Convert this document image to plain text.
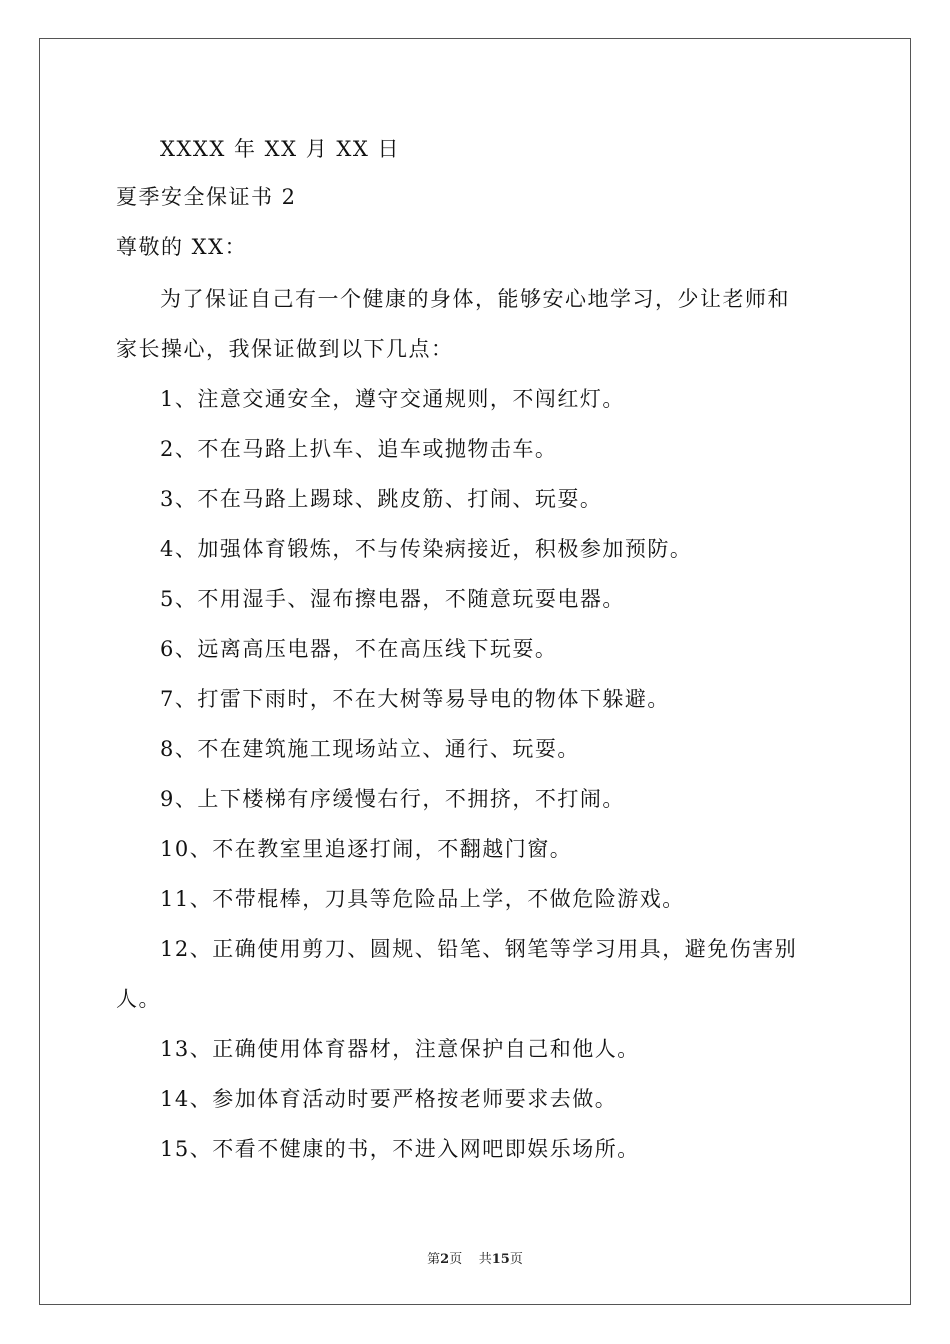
XXXX 年 XX 月 XX 日
夏季安全保证书 2
尊敬的 XX：
为了保证自己有一个健康的身体，能够安心地学习，少让老师和
家长操心，我保证做到以下几点：
1、注意交通安全，遵守交通规则，不闯红灯。
2、不在马路上扒车、追车或抛物击车。
3、不在马路上踢球、跳皮筋、打闹、玩耍。
4、加强体育锻炼，不与传染病接近，积极参加预防。
5、不用湿手、湿布擦电器，不随意玩耍电器。
6、远离高压电器，不在高压线下玩耍。
7、打雷下雨时，不在大树等易导电的物体下躲避。
8、不在建筑施工现场站立、通行、玩耍。
9、上下楼梯有序缓慢右行，不拥挤，不打闹。
10、不在教室里追逐打闹，不翻越门窗。
11、不带棍棒，刀具等危险品上学，不做危险游戏。
12、正确使用剪刀、圆规、铅笔、钢笔等学习用具，避免伤害别
人。
13、正确使用体育器材，注意保护自己和他人。
14、参加体育活动时要严格按老师要求去做。
15、不看不健康的书，不进入网吧即娱乐场所。
第2页 共15页
